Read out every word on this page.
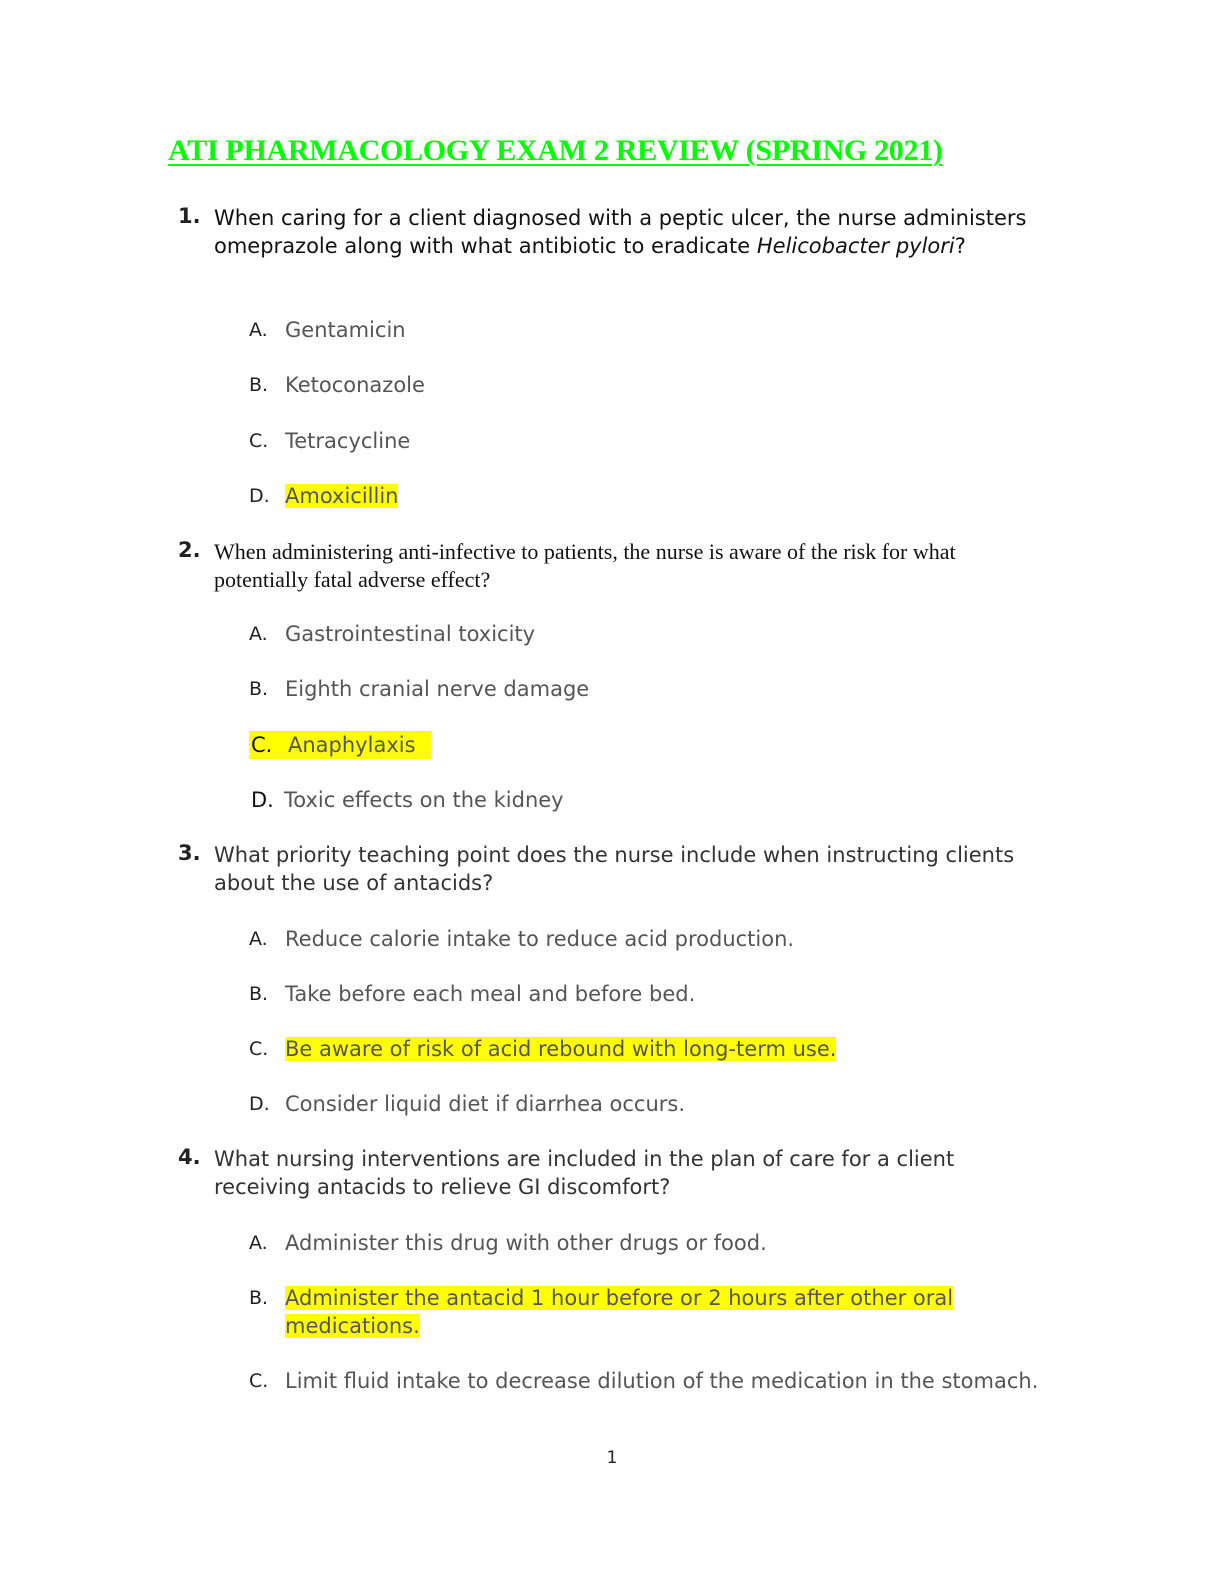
ATI PHARMACOLOGY EXAM 2 REVIEW (SPRING 2021)
1. When caring for a client diagnosed with a peptic ulcer, the nurse administers omeprazole along with what antibiotic to eradicate Helicobacter pylori?
A. Gentamicin
B. Ketoconazole
C. Tetracycline
D. Amoxicillin
2. When administering anti-infective to patients, the nurse is aware of the risk for what potentially fatal adverse effect?
A. Gastrointestinal toxicity
B. Eighth cranial nerve damage
C. Anaphylaxis
D. Toxic effects on the kidney
3. What priority teaching point does the nurse include when instructing clients about the use of antacids?
A. Reduce calorie intake to reduce acid production.
B. Take before each meal and before bed.
C. Be aware of risk of acid rebound with long-term use.
D. Consider liquid diet if diarrhea occurs.
4. What nursing interventions are included in the plan of care for a client receiving antacids to relieve GI discomfort?
A. Administer this drug with other drugs or food.
B. Administer the antacid 1 hour before or 2 hours after other oral medications.
C. Limit fluid intake to decrease dilution of the medication in the stomach.
1
